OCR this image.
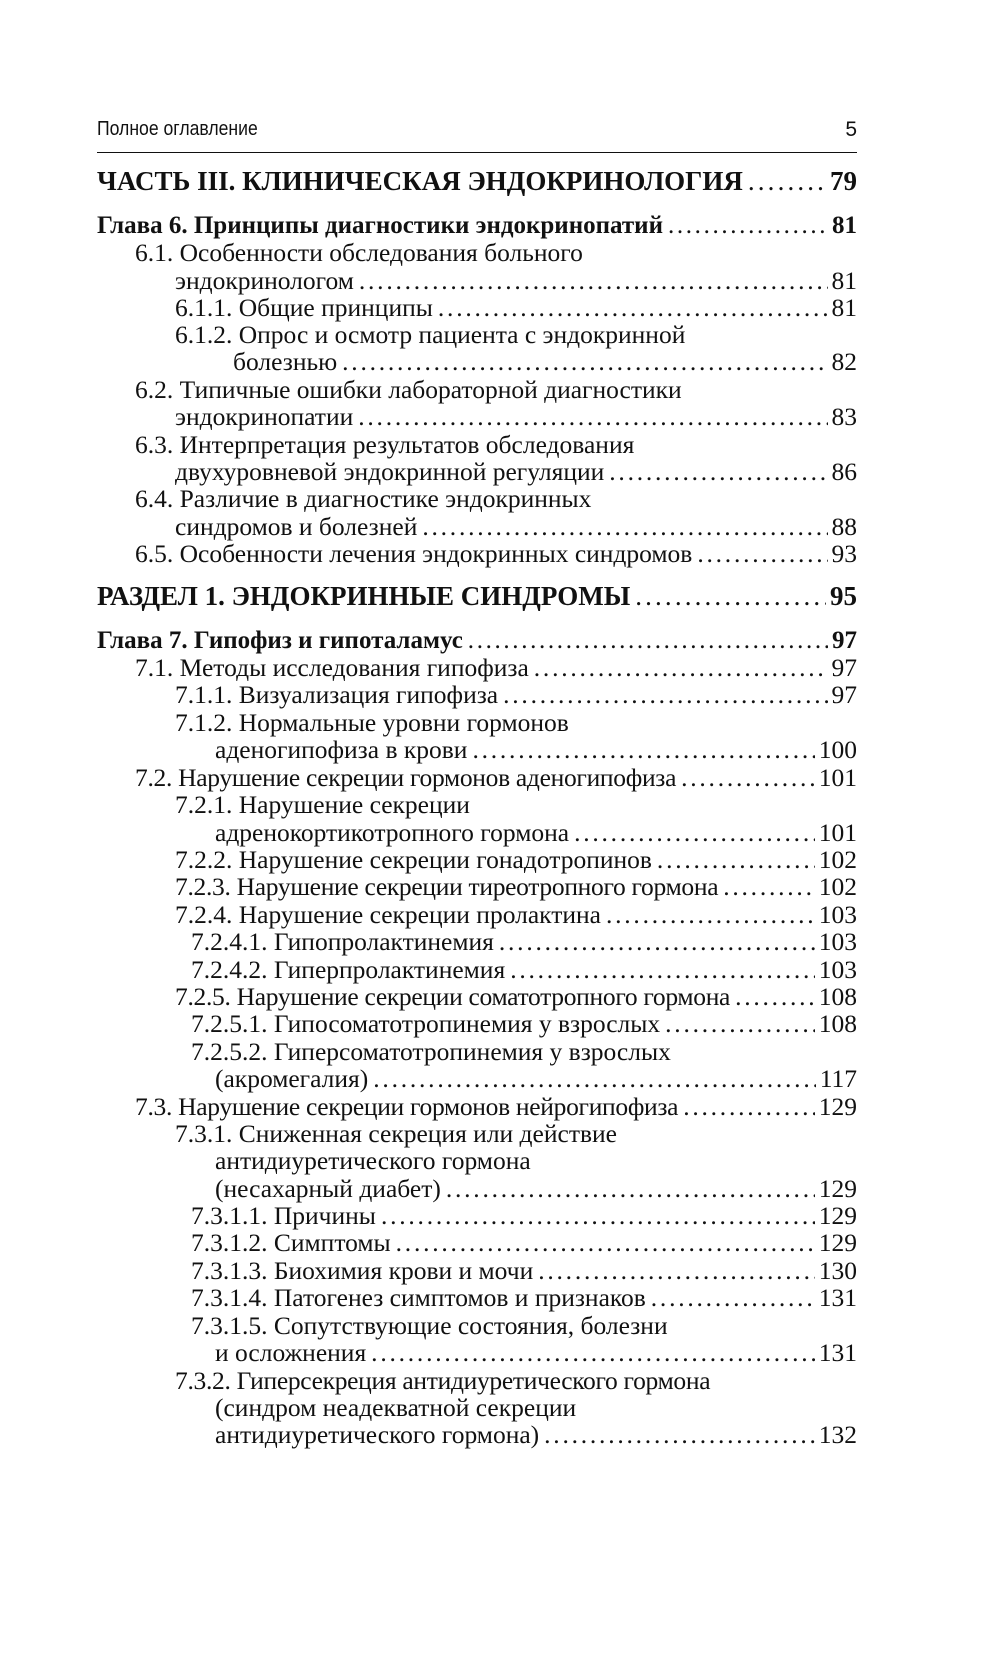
Полное оглавление	5
ЧАСТЬ III. КЛИНИЧЕСКАЯ ЭНДОКРИНОЛОГИЯ . . .	79
Глава 6. Принципы диагностики эндокринопатий . . .	81
6.1. Особенности обследования больного
эндокринологом . . .	81
6.1.1. Общие принципы . . .	81
6.1.2. Опрос и осмотр пациента с эндокринной
болезнью . . .	82
6.2. Типичные ошибки лабораторной диагностики
эндокринопатии . . .	83
6.3. Интерпретация результатов обследования
двухуровневой эндокринной регуляции . . .	86
6.4. Различие в диагностике эндокринных
синдромов и болезней . . .	88
6.5. Особенности лечения эндокринных синдромов . . .	93
РАЗДЕЛ 1. ЭНДОКРИННЫЕ СИНДРОМЫ . . .	95
Глава 7. Гипофиз и гипоталамус . . .	97
7.1. Методы исследования гипофиза . . .	97
7.1.1. Визуализация гипофиза . . .	97
7.1.2. Нормальные уровни гормонов
аденогипофиза в крови . . .	100
7.2. Нарушение секреции гормонов аденогипофиза . . .	101
7.2.1. Нарушение секреции
адренокортикотропного гормона . . .	101
7.2.2. Нарушение секреции гонадотропинов . . .	102
7.2.3. Нарушение секреции тиреотропного гормона . . .	102
7.2.4. Нарушение секреции пролактина . . .	103
7.2.4.1. Гипопролактинемия . . .	103
7.2.4.2. Гиперпролактинемия . . .	103
7.2.5. Нарушение секреции соматотропного гормона . . .	108
7.2.5.1. Гипосоматотропинемия у взрослых . . .	108
7.2.5.2. Гиперсоматотропинемия у взрослых
(акромегалия) . . .	117
7.3. Нарушение секреции гормонов нейрогипофиза . . .	129
7.3.1. Сниженная секреция или действие
антидиуретического гормона
(несахарный диабет) . . .	129
7.3.1.1. Причины . . .	129
7.3.1.2. Симптомы . . .	129
7.3.1.3. Биохимия крови и мочи . . .	130
7.3.1.4. Патогенез симптомов и признаков . . .	131
7.3.1.5. Сопутствующие состояния, болезни
и осложнения . . .	131
7.3.2. Гиперсекреция антидиуретического гормона
(синдром неадекватной секреции
антидиуретического гормона) . . .	132
